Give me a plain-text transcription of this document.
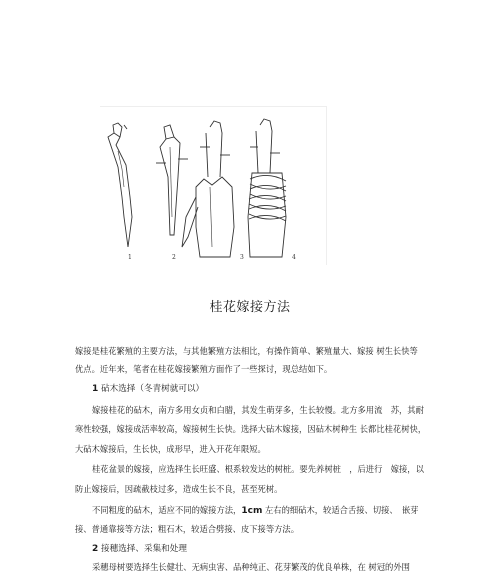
1	2	3	4
桂花嫁接方法
嫁接是桂花繁殖的主要方法，与其他繁殖方法相比，有操作简单、繁殖量大、嫁接 树生长快等
优点。近年来，笔者在桂花嫁接繁殖方面作了一些探讨，现总结如下。
1 砧木选择（冬青树就可以）
嫁接桂花的砧木，南方多用女贞和白腊，其发生萌芽多，生长较慢。北方多用流　苏，其耐
寒性较强，嫁接成活率较高，嫁接树生长快。选择大砧木嫁接，因砧木树种生 长都比桂花树快，
大砧木嫁接后，生长快，成形早，进入开花年限短。
桂花盆景的嫁接，应选择生长旺盛、根系较发达的树桩。要先养树桩　，后进行　嫁接，以
防止嫁接后，因疏截枝过多，造成生长不良，甚至死树。
不同粗度的砧木，适应不同的嫁接方法，1cm 左右的细砧木，较适合舌接、切接、　嵌芽
接、普通靠接等方法；粗石木，较适合劈接、皮下接等方法。
2 接穗选择、采集和处理
采穗母树要选择生长健壮、无病虫害、品种纯正、花芽繁茂的优良单株，在 树冠的外围
